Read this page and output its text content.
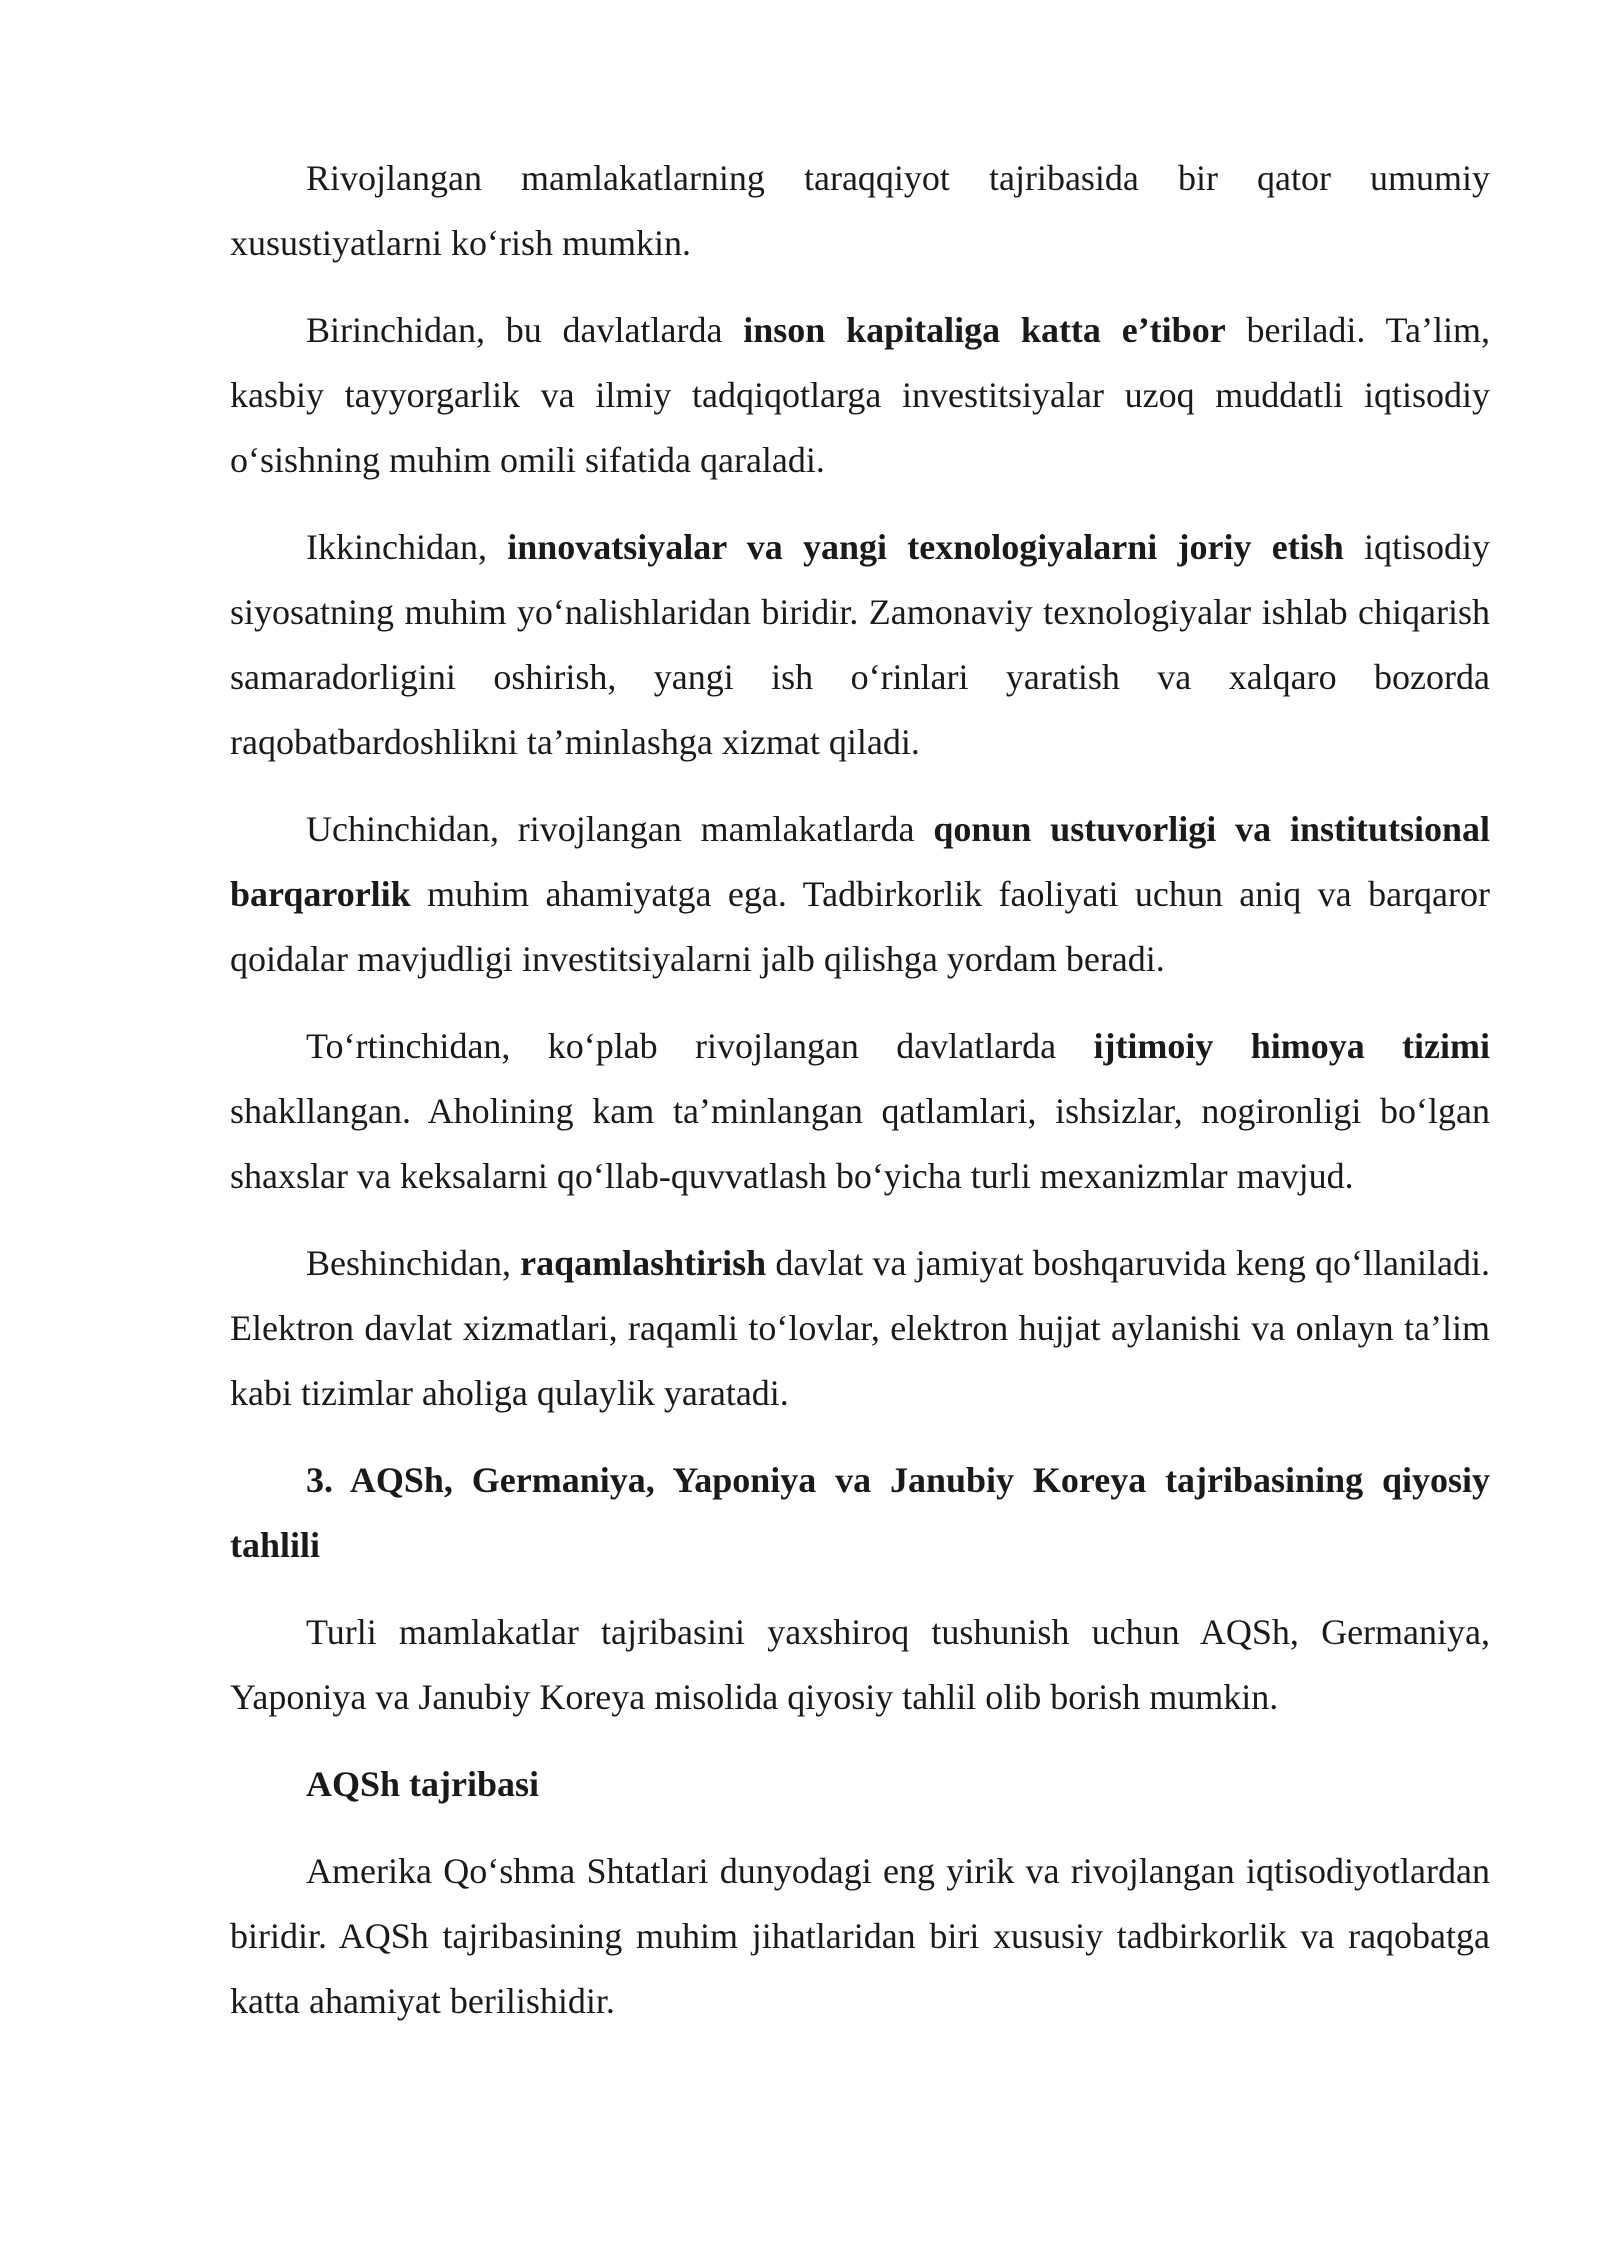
Rivojlangan mamlakatlarning taraqqiyot tajribasida bir qator umumiy xusustiyatlarni ko‘rish mumkin.

Birinchidan, bu davlatlarda inson kapitaliga katta e’tibor beriladi. Ta’lim, kasbiy tayyorgarlik va ilmiy tadqiqotlarga investitsiyalar uzoq muddatli iqtisodiy o‘sishning muhim omili sifatida qaraladi.

Ikkinchidan, innovatsiyalar va yangi texnologiyalarni joriy etish iqtisodiy siyosatning muhim yo‘nalishlaridan biridir. Zamonaviy texnologiyalar ishlab chiqarish samaradorligini oshirish, yangi ish o‘rinlari yaratish va xalqaro bozorda raqobatbardoshlikni ta’minlashga xizmat qiladi.

Uchinchidan, rivojlangan mamlakatlarda qonun ustuvorligi va institutsional barqarorlik muhim ahamiyatga ega. Tadbirkorlik faoliyati uchun aniq va barqaror qoidalar mavjudligi investitsiyalarni jalb qilishga yordam beradi.

To‘rtinchidan, ko‘plab rivojlangan davlatlarda ijtimoiy himoya tizimi shakllangan. Aholining kam ta’minlangan qatlamlari, ishsizlar, nogironligi bo‘lgan shaxslar va keksalarni qo‘llab-quvvatlash bo‘yicha turli mexanizmlar mavjud.

Beshinchidan, raqamlashtirish davlat va jamiyat boshqaruvida keng qo‘llaniladi. Elektron davlat xizmatlari, raqamli to‘lovlar, elektron hujjat aylanishi va onlayn ta’lim kabi tizimlar aholiga qulaylik yaratadi.

3. AQSh, Germaniya, Yaponiya va Janubiy Koreya tajribasining qiyosiy tahlili

Turli mamlakatlar tajribasini yaxshiroq tushunish uchun AQSh, Germaniya, Yaponiya va Janubiy Koreya misolida qiyosiy tahlil olib borish mumkin.

AQSh tajribasi

Amerika Qo‘shma Shtatlari dunyodagi eng yirik va rivojlangan iqtisodiyotlardan biridir. AQSh tajribasining muhim jihatlaridan biri xususiy tadbirkorlik va raqobatga katta ahamiyat berilishidir.
